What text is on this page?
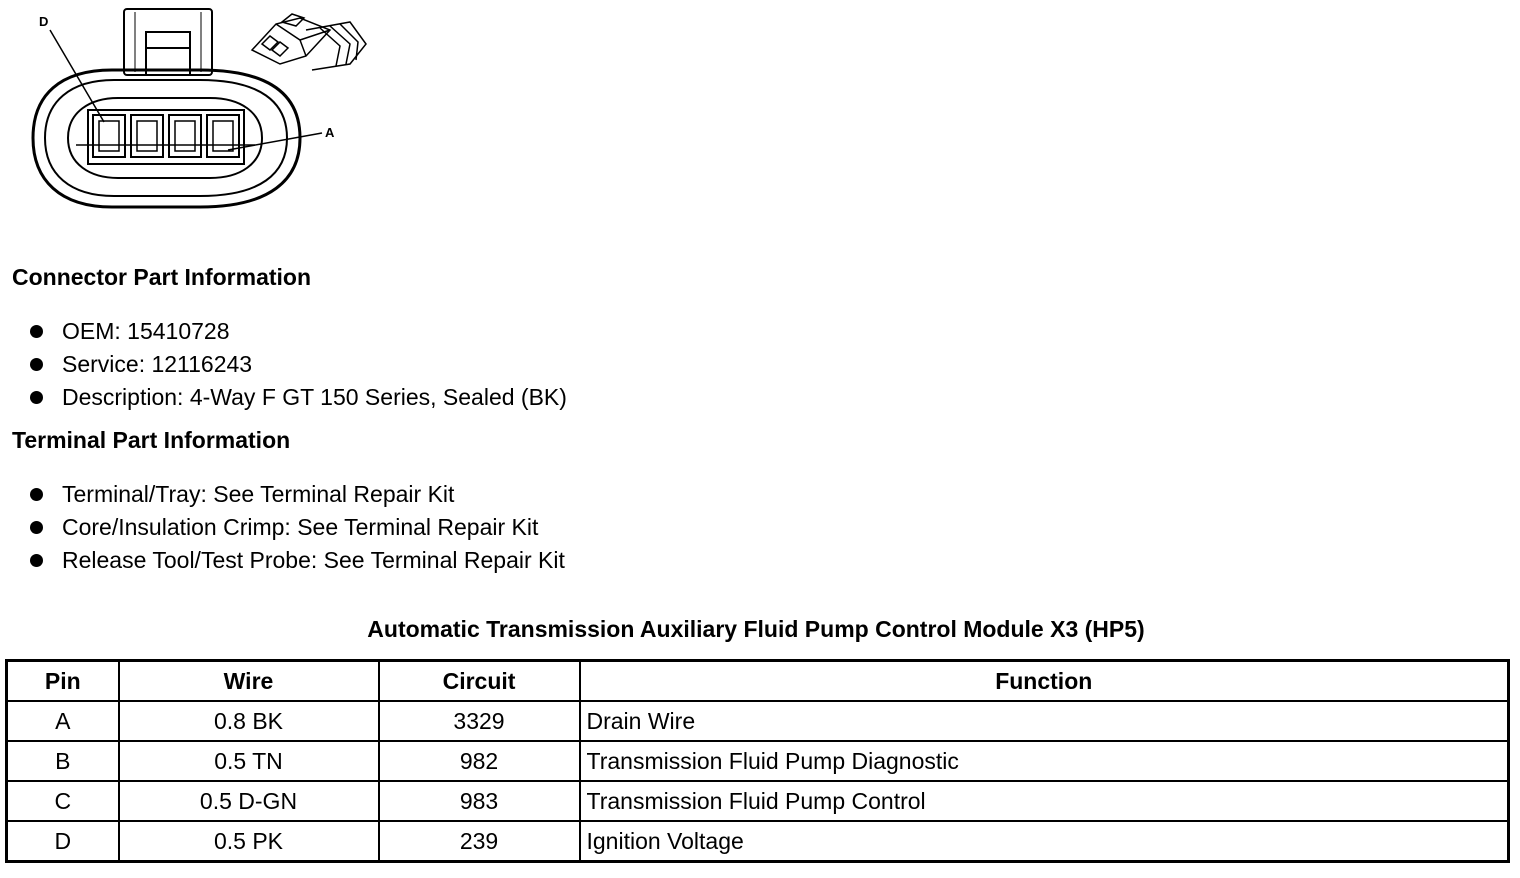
D
A
Connector Part Information
OEM: 15410728
Service: 12116243
Description: 4-Way F GT 150 Series, Sealed (BK)
Terminal Part Information
Terminal/Tray: See Terminal Repair Kit
Core/Insulation Crimp: See Terminal Repair Kit
Release Tool/Test Probe: See Terminal Repair Kit
Automatic Transmission Auxiliary Fluid Pump Control Module X3 (HP5)
Pin	Wire	Circuit	Function
A	0.8 BK	3329	Drain Wire
B	0.5 TN	982	Transmission Fluid Pump Diagnostic
C	0.5 D-GN	983	Transmission Fluid Pump Control
D	0.5 PK	239	Ignition Voltage
